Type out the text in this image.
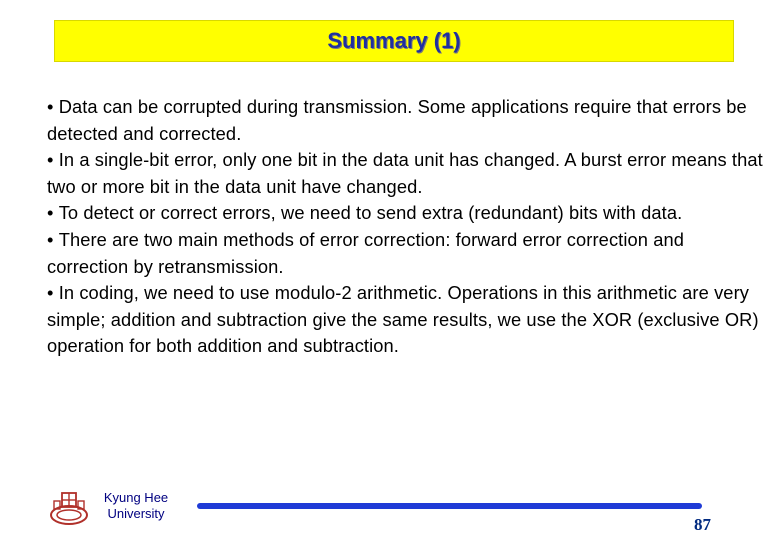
Summary (1)
• Data can be corrupted during transmission. Some applications require that errors be detected and corrected.
• In a single-bit error, only one bit in the data unit has changed. A burst error means that two or more bit in the data unit have changed.
• To detect or correct errors, we need to send extra (redundant) bits with data.
• There are two main methods of error correction: forward error correction and correction by retransmission.
• In coding, we need to use modulo-2 arithmetic. Operations in this arithmetic are very simple; addition and subtraction give the same results, we use the XOR (exclusive OR) operation for both addition and subtraction.
Kyung Hee
University
87
